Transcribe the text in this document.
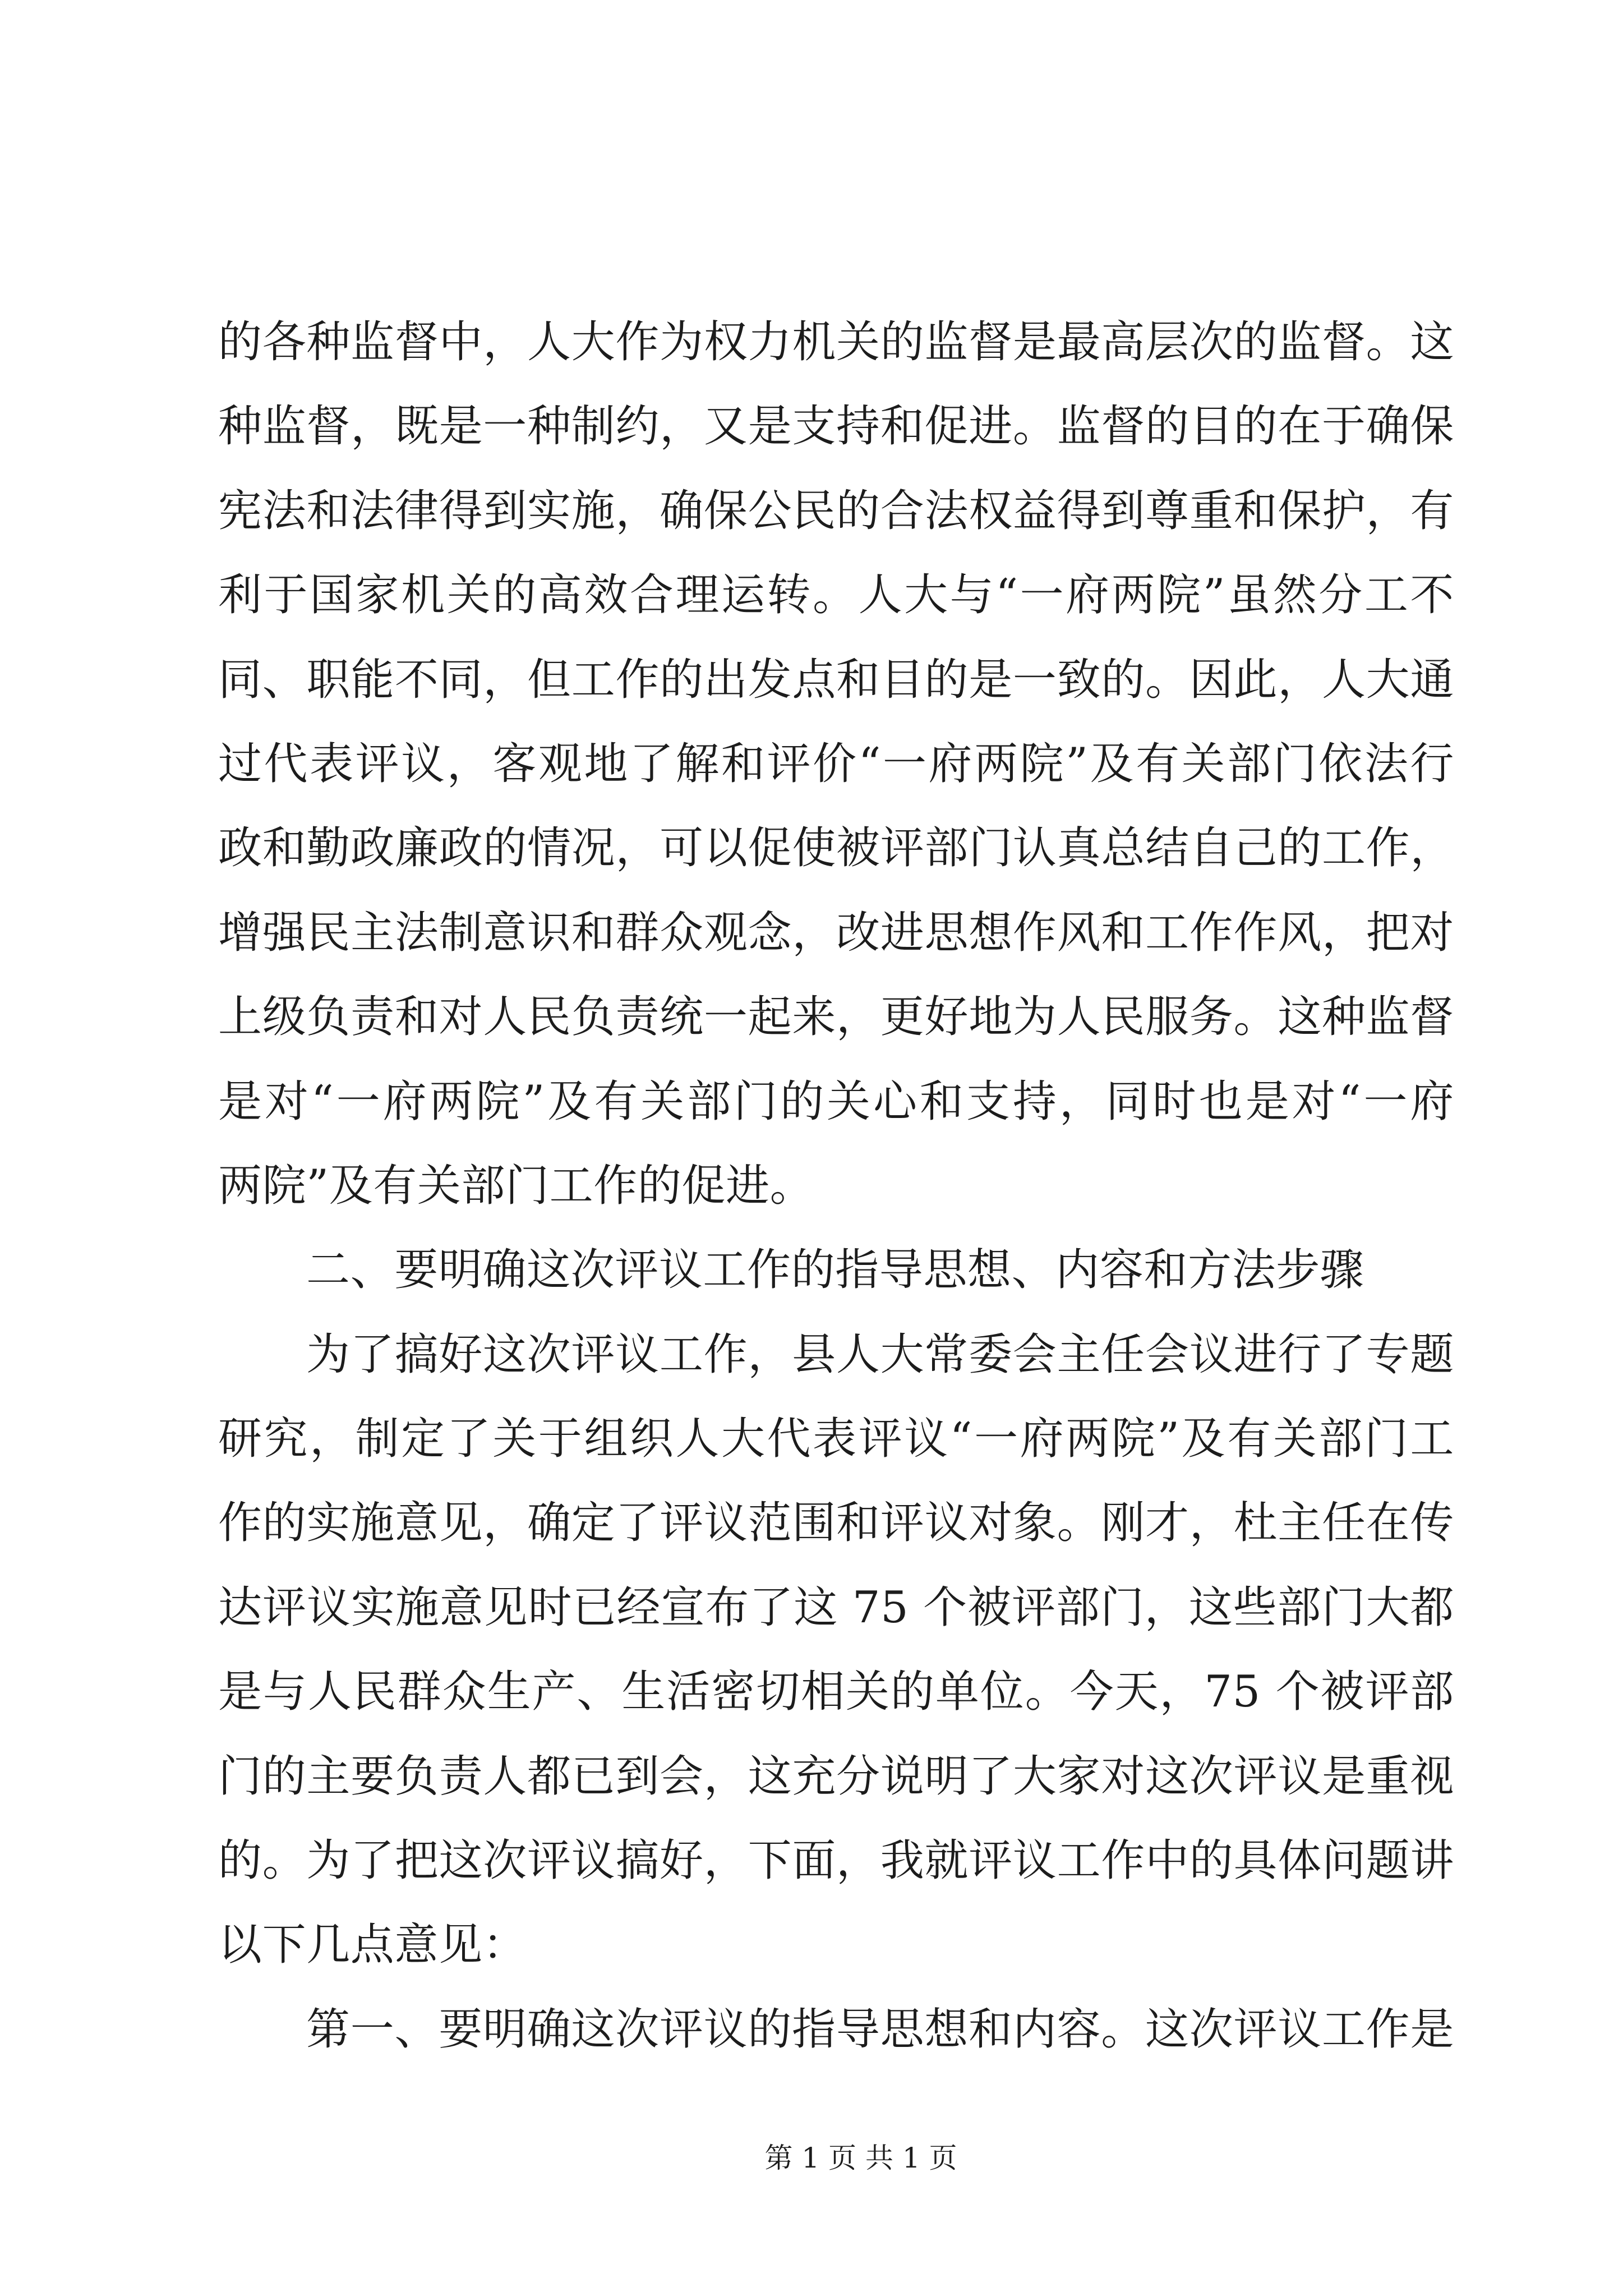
的各种监督中，人大作为权力机关的监督是最高层次的监督。这
种监督，既是一种制约，又是支持和促进。监督的目的在于确保
宪法和法律得到实施，确保公民的合法权益得到尊重和保护，有
利于国家机关的高效合理运转。人大与“一府两院”虽然分工不
同、职能不同，但工作的出发点和目的是一致的。因此，人大通
过代表评议，客观地了解和评价“一府两院”及有关部门依法行
政和勤政廉政的情况，可以促使被评部门认真总结自己的工作，
增强民主法制意识和群众观念，改进思想作风和工作作风，把对
上级负责和对人民负责统一起来，更好地为人民服务。这种监督
是对“一府两院”及有关部门的关心和支持，同时也是对“一府
两院”及有关部门工作的促进。
二、要明确这次评议工作的指导思想、内容和方法步骤
为了搞好这次评议工作，县人大常委会主任会议进行了专题
研究，制定了关于组织人大代表评议“一府两院”及有关部门工
作的实施意见，确定了评议范围和评议对象。刚才，杜主任在传
达评议实施意见时已经宣布了这 75 个被评部门，这些部门大都
是与人民群众生产、生活密切相关的单位。今天，75 个被评部
门的主要负责人都已到会，这充分说明了大家对这次评议是重视
的。为了把这次评议搞好，下面，我就评议工作中的具体问题讲
以下几点意见：
第一、要明确这次评议的指导思想和内容。这次评议工作是
第 1 页 共 1 页
